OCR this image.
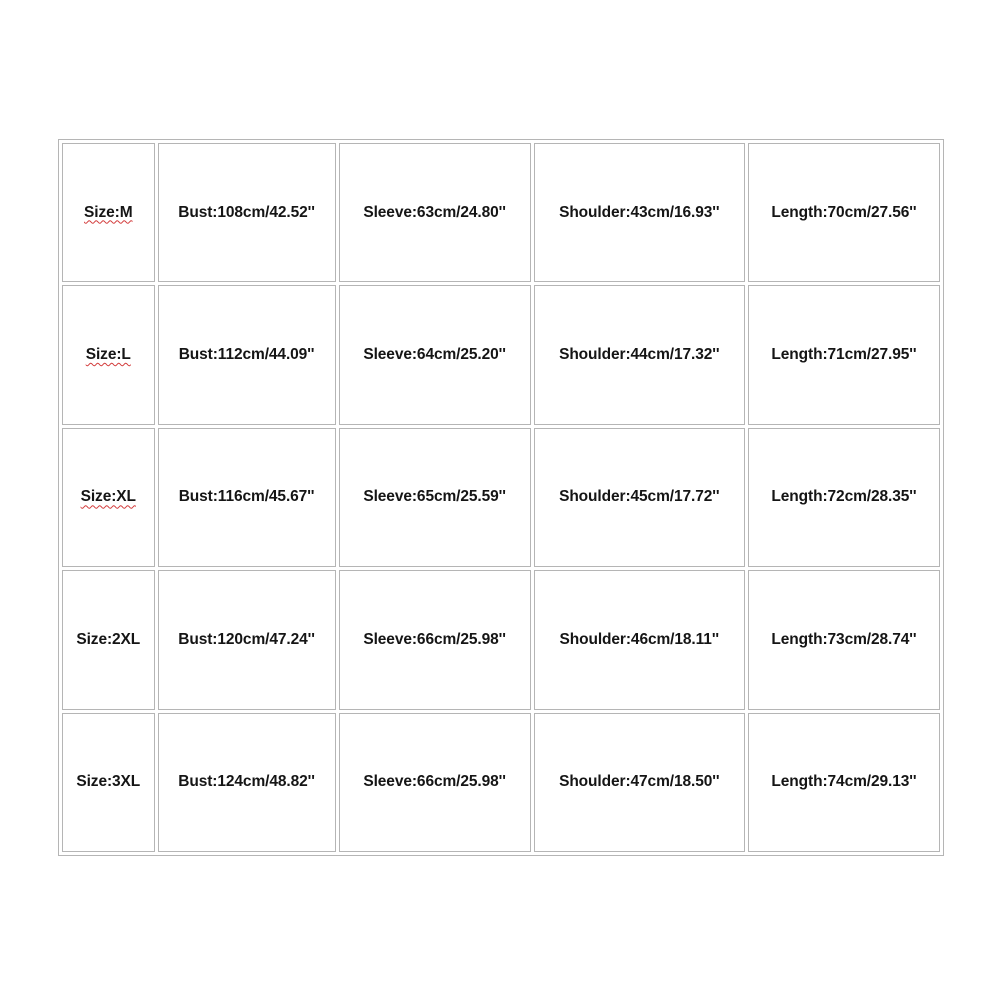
Size:M	Bust:108cm/42.52''	Sleeve:63cm/24.80''	Shoulder:43cm/16.93''	Length:70cm/27.56''
Size:L	Bust:112cm/44.09''	Sleeve:64cm/25.20''	Shoulder:44cm/17.32''	Length:71cm/27.95''
Size:XL	Bust:116cm/45.67''	Sleeve:65cm/25.59''	Shoulder:45cm/17.72''	Length:72cm/28.35''
Size:2XL	Bust:120cm/47.24''	Sleeve:66cm/25.98''	Shoulder:46cm/18.11''	Length:73cm/28.74''
Size:3XL	Bust:124cm/48.82''	Sleeve:66cm/25.98''	Shoulder:47cm/18.50''	Length:74cm/29.13''
